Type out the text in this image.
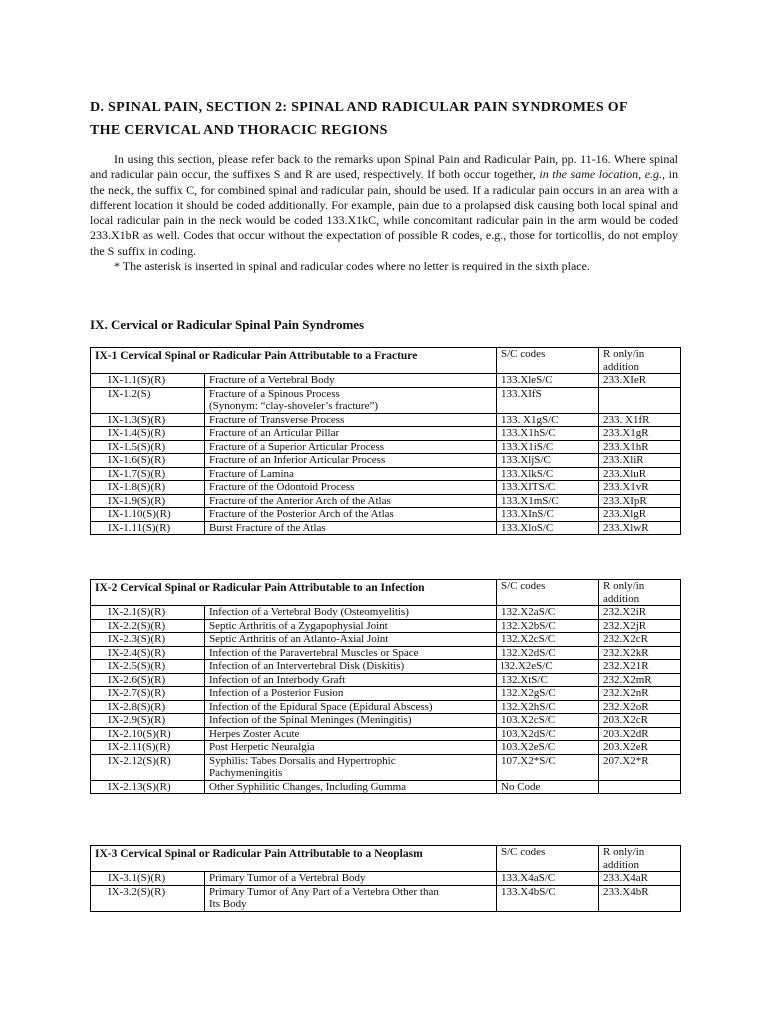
D. SPINAL PAIN, SECTION 2: SPINAL AND RADICULAR PAIN SYNDROMES OF
THE CERVICAL AND THORACIC REGIONS

In using this section, please refer back to the remarks upon Spinal Pain and Radicular Pain, pp. 11-16. Where spinal and radicular pain occur, the suffixes S and R are used, respectively. If both occur together, in the same location, e.g., in the neck, the suffix C, for combined spinal and radicular pain, should be used. If a radicular pain occurs in an area with a different location it should be coded additionally. For example, pain due to a prolapsed disk causing both local spinal and local radicular pain in the neck would be coded 133.X1kC, while concomitant radicular pain in the arm would be coded 233.X1bR as well. Codes that occur without the expectation of possible R codes, e.g., those for torticollis, do not employ the S suffix in coding.

* The asterisk is inserted in spinal and radicular codes where no letter is required in the sixth place.

IX. Cervical or Radicular Spinal Pain Syndromes
IX-1 Cervical Spinal or Radicular Pain Attributable to a Fracture		S/C codes	R only/in addition
IX-1.1(S)(R)	Fracture of a Vertebral Body	133.XleS/C	233.XIeR
IX-1.2(S)	Fracture of a Spinous Process
(Synonym: “clay-shoveler’s fracture”)	133.XIfS	
IX-1.3(S)(R)	Fracture of Transverse Process	133. X1gS/C	233. X1fR
IX-1.4(S)(R)	Fracture of an Articular Pillar	133.X1hS/C	233.X1gR
IX-1.5(S)(R)	Fracture of a Superior Articular Process	133.X1iS/C	233.X1hR
IX-1.6(S)(R)	Fracture of an Inferior Articular Process	133.XljS/C	233.XliR
IX-1.7(S)(R)	Fracture of Lamina	133.XlkS/C	233.XluR
IX-1.8(S)(R)	Fracture of the Odontoid Process	133.XITS/C	233.X1vR
IX-1.9(S)(R)	Fracture of the Anterior Arch of the Atlas	133.X1mS/C	233.XIpR
IX-1.10(S)(R)	Fracture of the Posterior Arch of the Atlas	133.XInS/C	233.XlgR
IX-1.11(S)(R)	Burst Fracture of the Atlas	133.XloS/C	233.XlwR
IX-2 Cervical Spinal or Radicular Pain Attributable to an Infection		S/C codes	R only/in addition
IX-2.1(S)(R)	Infection of a Vertebral Body (Osteomyelitis)	132.X2aS/C	232.X2iR
IX-2.2(S)(R)	Septic Arthritis of a Zygapophysial Joint	132.X2bS/C	232.X2jR
IX-2.3(S)(R)	Septic Arthritis of an Atlanto-Axial Joint	132.X2cS/C	232.X2cR
IX-2.4(S)(R)	Infection of the Paravertebral Muscles or Space	132.X2dS/C	232.X2kR
IX-2.5(S)(R)	Infection of an Intervertebral Disk (Diskitis)	l32.X2eS/C	232.X21R
IX-2.6(S)(R)	Infection of an Interbody Graft	132.XtS/C	232.X2mR
IX-2.7(S)(R)	Infection of a Posterior Fusion	132.X2gS/C	232.X2nR
IX-2.8(S)(R)	Infection of the Epidural Space (Epidural Abscess)	132.X2hS/C	232.X2oR
IX-2.9(S)(R)	Infection of the Spinal Meninges (Meningitis)	103.X2cS/C	203.X2cR
IX-2.10(S)(R)	Herpes Zoster Acute	103.X2dS/C	203.X2dR
IX-2.11(S)(R)	Post Herpetic Neuralgia	103.X2eS/C	203.X2eR
IX-2.12(S)(R)	Syphilis: Tabes Dorsalis and Hypertrophic
Pachymeningitis	107.X2*S/C	207.X2*R
IX-2.13(S)(R)	Other Syphilitic Changes, Including Gumma	No Code	
IX-3 Cervical Spinal or Radicular Pain Attributable to a Neoplasm		S/C codes	R only/in addition
IX-3.1(S)(R)	Primary Tumor of a Vertebral Body	133.X4aS/C	233.X4aR
IX-3.2(S)(R)	Primary Tumor of Any Part of a Vertebra Other than
Its Body	133.X4bS/C	233.X4bR
